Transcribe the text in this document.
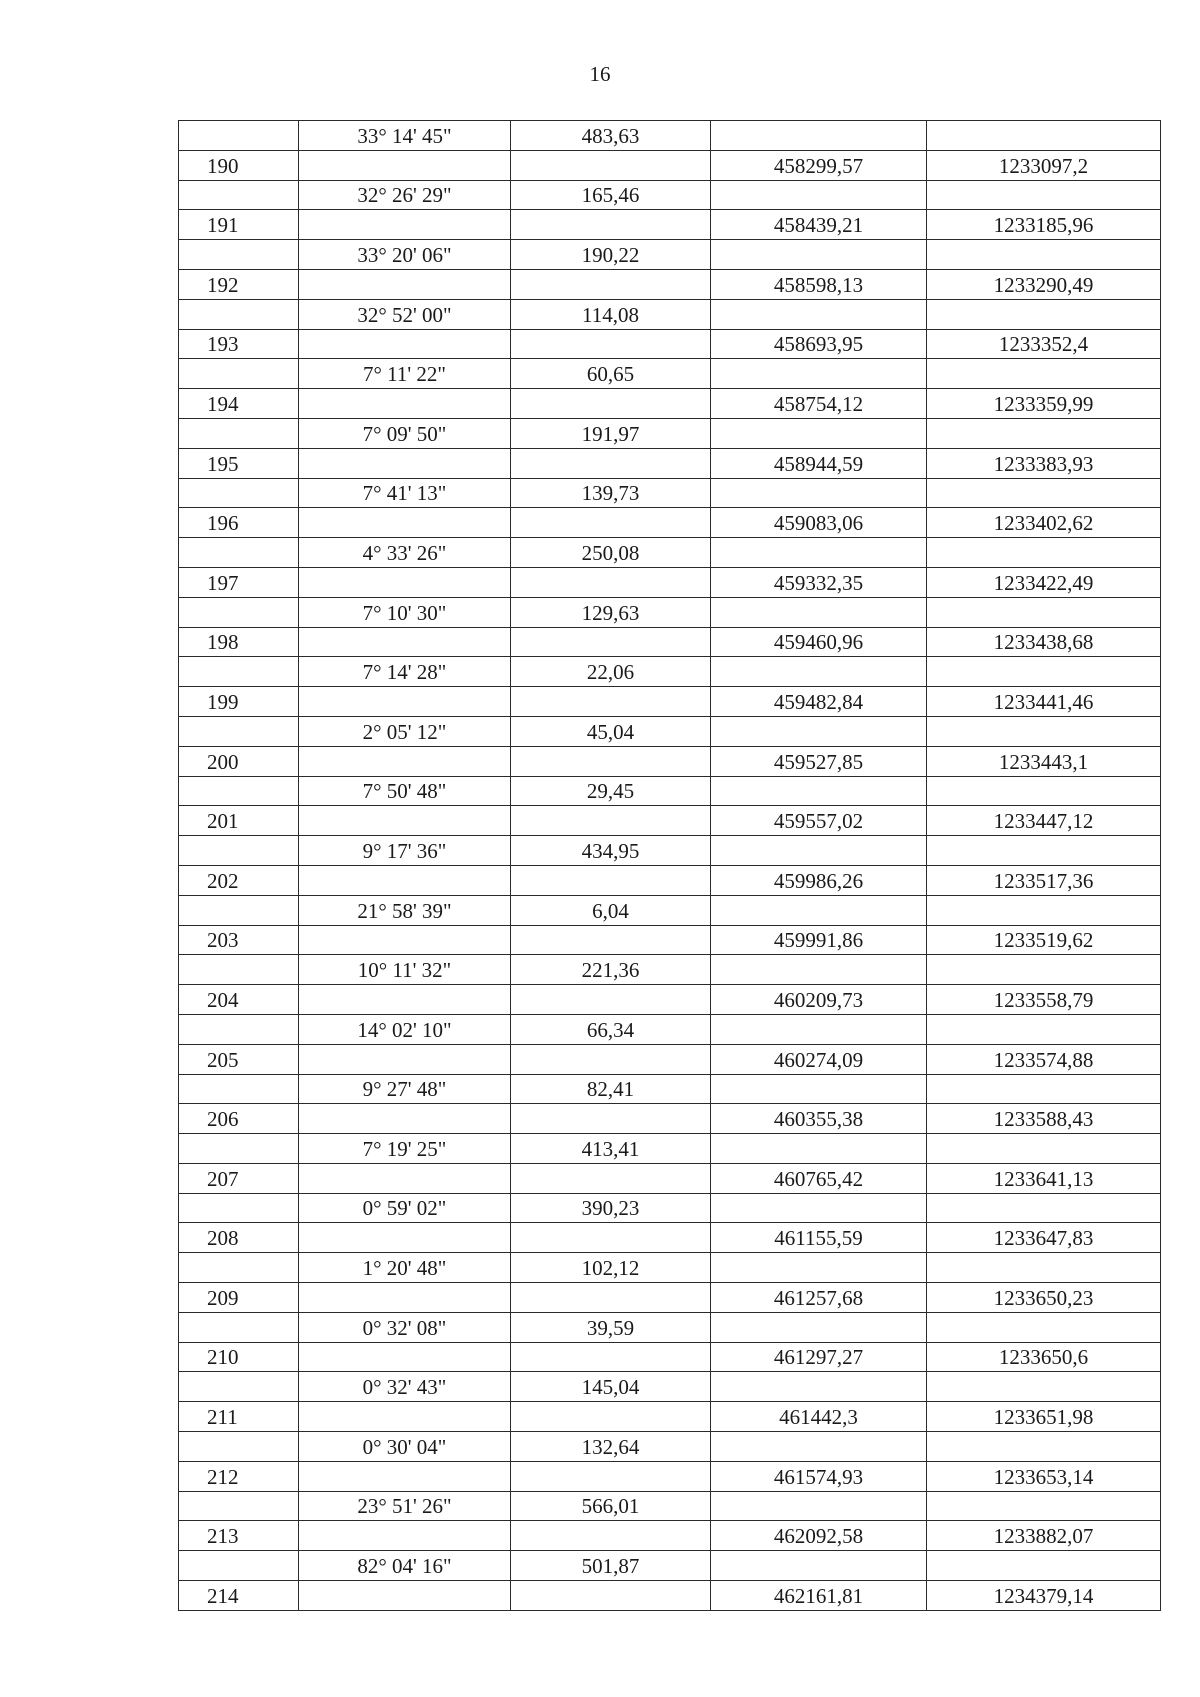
16
	33° 14' 45"	483,63		
190			458299,57	1233097,2
	32° 26' 29"	165,46		
191			458439,21	1233185,96
	33° 20' 06"	190,22		
192			458598,13	1233290,49
	32° 52' 00"	114,08		
193			458693,95	1233352,4
	7° 11' 22"	60,65		
194			458754,12	1233359,99
	7° 09' 50"	191,97		
195			458944,59	1233383,93
	7° 41' 13"	139,73		
196			459083,06	1233402,62
	4° 33' 26"	250,08		
197			459332,35	1233422,49
	7° 10' 30"	129,63		
198			459460,96	1233438,68
	7° 14' 28"	22,06		
199			459482,84	1233441,46
	2° 05' 12"	45,04		
200			459527,85	1233443,1
	7° 50' 48"	29,45		
201			459557,02	1233447,12
	9° 17' 36"	434,95		
202			459986,26	1233517,36
	21° 58' 39"	6,04		
203			459991,86	1233519,62
	10° 11' 32"	221,36		
204			460209,73	1233558,79
	14° 02' 10"	66,34		
205			460274,09	1233574,88
	9° 27' 48"	82,41		
206			460355,38	1233588,43
	7° 19' 25"	413,41		
207			460765,42	1233641,13
	0° 59' 02"	390,23		
208			461155,59	1233647,83
	1° 20' 48"	102,12		
209			461257,68	1233650,23
	0° 32' 08"	39,59		
210			461297,27	1233650,6
	0° 32' 43"	145,04		
211			461442,3	1233651,98
	0° 30' 04"	132,64		
212			461574,93	1233653,14
	23° 51' 26"	566,01		
213			462092,58	1233882,07
	82° 04' 16"	501,87		
214			462161,81	1234379,14
